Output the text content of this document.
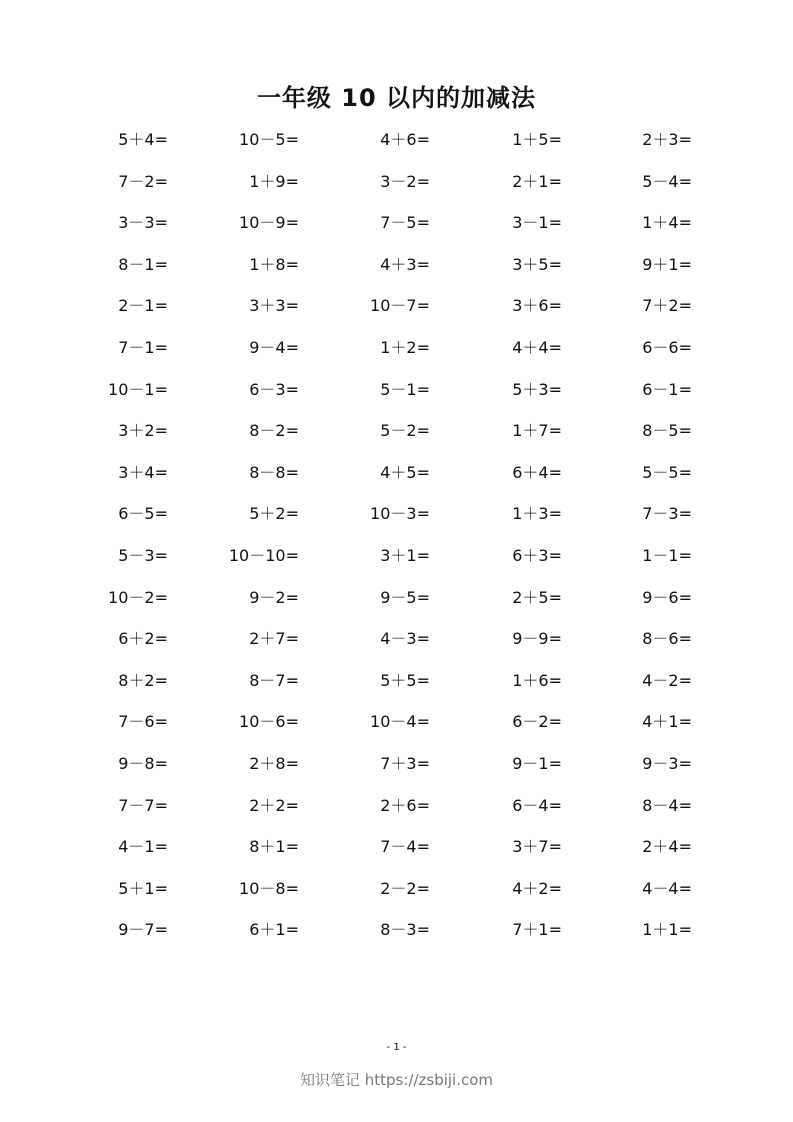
一年级 10 以内的加减法
5＋4=	10－5=	4＋6=	1＋5=	2＋3=
7－2=	1＋9=	3－2=	2＋1=	5－4=
3－3=	10－9=	7－5=	3－1=	1＋4=
8－1=	1＋8=	4＋3=	3＋5=	9＋1=
2－1=	3＋3=	10－7=	3＋6=	7＋2=
7－1=	9－4=	1＋2=	4＋4=	6－6=
10－1=	6－3=	5－1=	5＋3=	6－1=
3＋2=	8－2=	5－2=	1＋7=	8－5=
3＋4=	8－8=	4＋5=	6＋4=	5－5=
6－5=	5＋2=	10－3=	1＋3=	7－3=
5－3=	10－10=	3＋1=	6＋3=	1－1=
10－2=	9－2=	9－5=	2＋5=	9－6=
6＋2=	2＋7=	4－3=	9－9=	8－6=
8＋2=	8－7=	5＋5=	1＋6=	4－2=
7－6=	10－6=	10－4=	6－2=	4＋1=
9－8=	2＋8=	7＋3=	9－1=	9－3=
7－7=	2＋2=	2＋6=	6－4=	8－4=
4－1=	8＋1=	7－4=	3＋7=	2＋4=
5＋1=	10－8=	2－2=	4＋2=	4－4=
9－7=	6＋1=	8－3=	7＋1=	1＋1=
- 1 -
知识笔记 https://zsbiji.com
